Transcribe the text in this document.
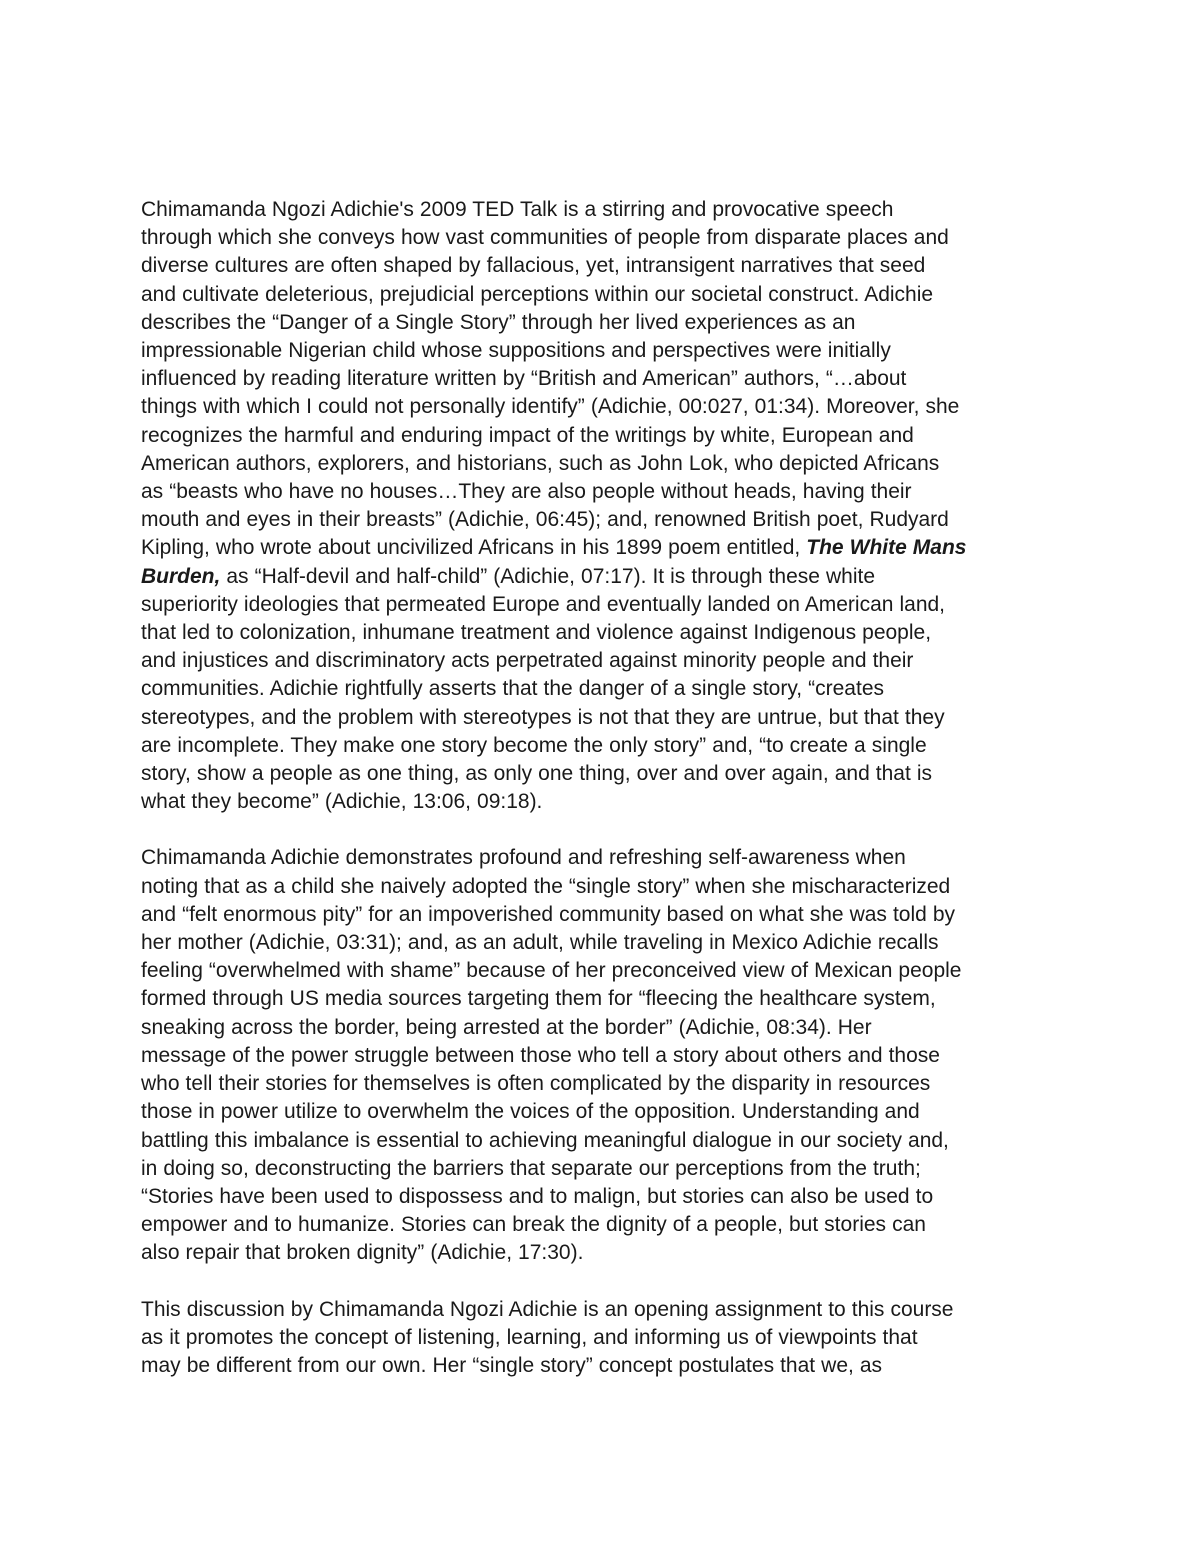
Chimamanda Ngozi Adichie's 2009 TED Talk is a stirring and provocative speech
through which she conveys how vast communities of people from disparate places and
diverse cultures are often shaped by fallacious, yet, intransigent narratives that seed
and cultivate deleterious, prejudicial perceptions within our societal construct. Adichie
describes the “Danger of a Single Story” through her lived experiences as an
impressionable Nigerian child whose suppositions and perspectives were initially
influenced by reading literature written by “British and American” authors, “…about
things with which I could not personally identify” (Adichie, 00:027, 01:34). Moreover, she
recognizes the harmful and enduring impact of the writings by white, European and
American authors, explorers, and historians, such as John Lok, who depicted Africans
as “beasts who have no houses…They are also people without heads, having their
mouth and eyes in their breasts” (Adichie, 06:45); and, renowned British poet, Rudyard
Kipling, who wrote about uncivilized Africans in his 1899 poem entitled, The White Mans
Burden, as “Half-devil and half-child” (Adichie, 07:17). It is through these white
superiority ideologies that permeated Europe and eventually landed on American land,
that led to colonization, inhumane treatment and violence against Indigenous people,
and injustices and discriminatory acts perpetrated against minority people and their
communities. Adichie rightfully asserts that the danger of a single story, “creates
stereotypes, and the problem with stereotypes is not that they are untrue, but that they
are incomplete. They make one story become the only story” and, “to create a single
story, show a people as one thing, as only one thing, over and over again, and that is
what they become” (Adichie, 13:06, 09:18).

Chimamanda Adichie demonstrates profound and refreshing self-awareness when
noting that as a child she naively adopted the “single story” when she mischaracterized
and “felt enormous pity” for an impoverished community based on what she was told by
her mother (Adichie, 03:31); and, as an adult, while traveling in Mexico Adichie recalls
feeling “overwhelmed with shame” because of her preconceived view of Mexican people
formed through US media sources targeting them for “fleecing the healthcare system,
sneaking across the border, being arrested at the border” (Adichie, 08:34). Her
message of the power struggle between those who tell a story about others and those
who tell their stories for themselves is often complicated by the disparity in resources
those in power utilize to overwhelm the voices of the opposition. Understanding and
battling this imbalance is essential to achieving meaningful dialogue in our society and,
in doing so, deconstructing the barriers that separate our perceptions from the truth;
“Stories have been used to dispossess and to malign, but stories can also be used to
empower and to humanize. Stories can break the dignity of a people, but stories can
also repair that broken dignity” (Adichie, 17:30).

This discussion by Chimamanda Ngozi Adichie is an opening assignment to this course
as it promotes the concept of listening, learning, and informing us of viewpoints that
may be different from our own. Her “single story” concept postulates that we, as
